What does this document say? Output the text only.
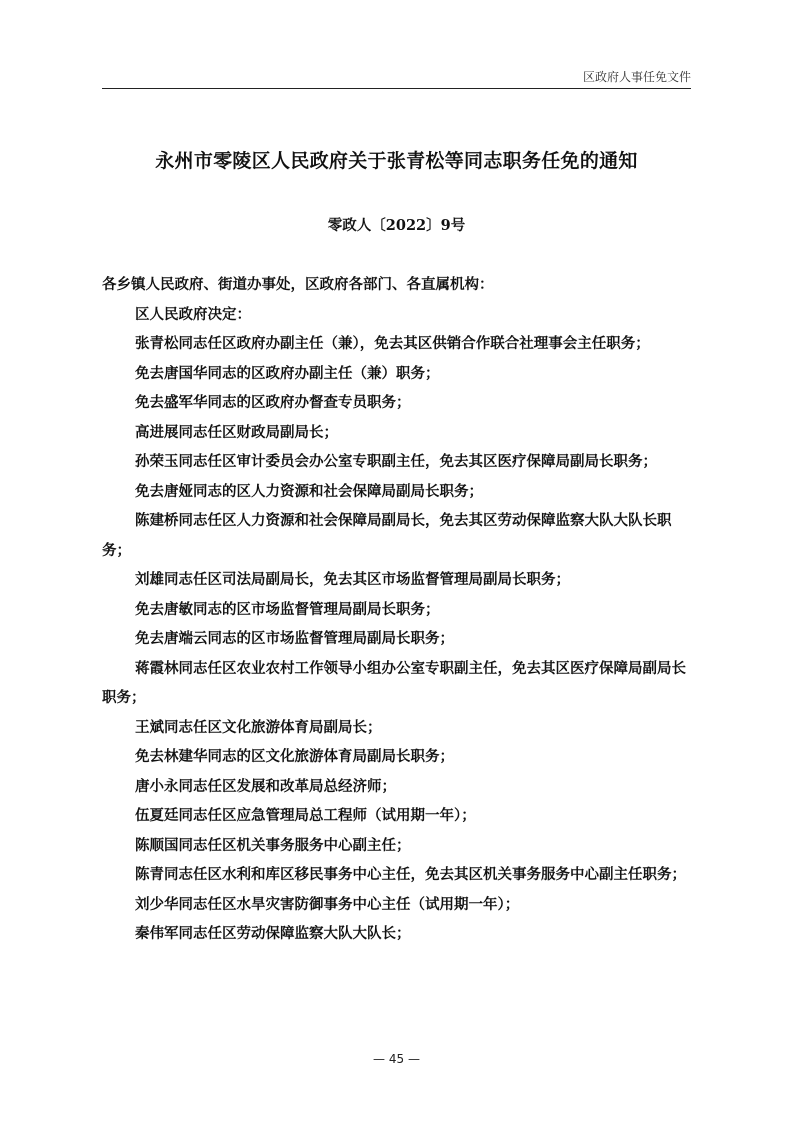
区政府人事任免文件
永州市零陵区人民政府关于张青松等同志职务任免的通知
零政人〔2022〕9号

各乡镇人民政府、街道办事处，区政府各部门、各直属机构：

区人民政府决定：

张青松同志任区政府办副主任（兼），免去其区供销合作联合社理事会主任职务；

免去唐国华同志的区政府办副主任（兼）职务；

免去盛军华同志的区政府办督查专员职务；

高进展同志任区财政局副局长；

孙荣玉同志任区审计委员会办公室专职副主任，免去其区医疗保障局副局长职务；

免去唐娅同志的区人力资源和社会保障局副局长职务；

陈建桥同志任区人力资源和社会保障局副局长，免去其区劳动保障监察大队大队长职务；

刘雄同志任区司法局副局长，免去其区市场监督管理局副局长职务；

免去唐敏同志的区市场监督管理局副局长职务；

免去唐端云同志的区市场监督管理局副局长职务；

蒋霞林同志任区农业农村工作领导小组办公室专职副主任，免去其区医疗保障局副局长职务；

王斌同志任区文化旅游体育局副局长；

免去林建华同志的区文化旅游体育局副局长职务；

唐小永同志任区发展和改革局总经济师；

伍夏廷同志任区应急管理局总工程师（试用期一年）；

陈顺国同志任区机关事务服务中心副主任；

陈青同志任区水利和库区移民事务中心主任，免去其区机关事务服务中心副主任职务；

刘少华同志任区水旱灾害防御事务中心主任（试用期一年）；

秦伟军同志任区劳动保障监察大队大队长；

— 45 —
